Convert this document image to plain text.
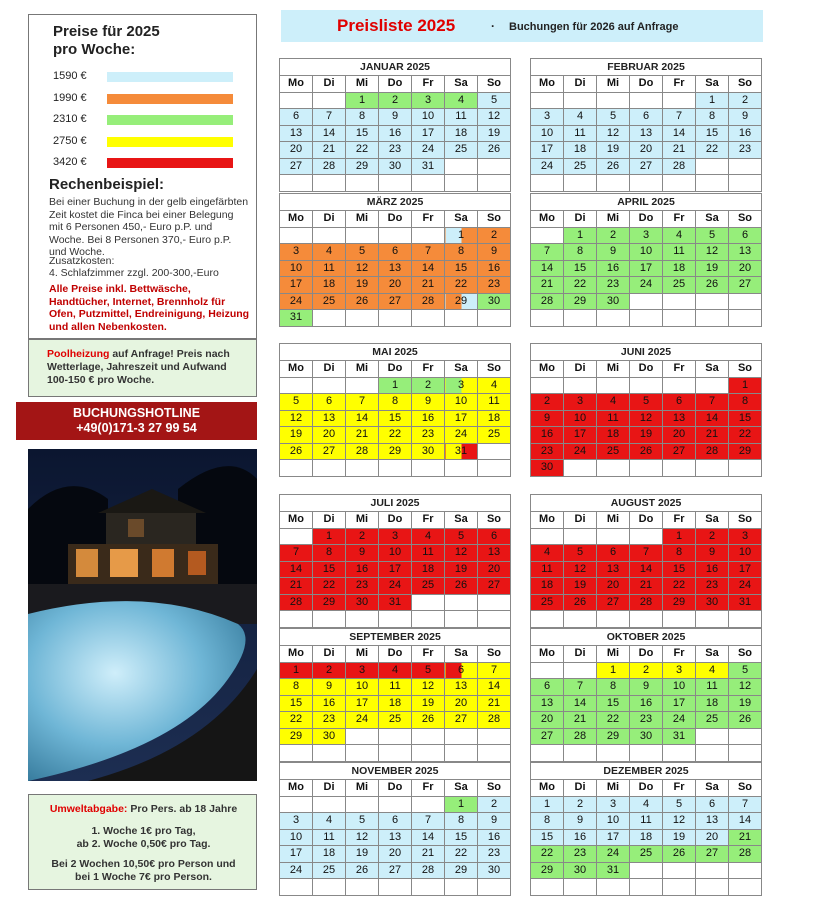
Preise für 2025
pro Woche:
1590 €
1990 €
2310 €
2750 €
3420 €
Rechenbeispiel:
Bei einer Buchung in der gelb eingefärbten Zeit kostet die Finca bei einer Belegung mit 6 Personen 450,- Euro p.P. und Woche. Bei 8 Personen 370,- Euro p.P. und Woche.
Zusatzkosten:
4. Schlafzimmer zzgl. 200-300,-Euro
Alle Preise inkl. Bettwäsche, Handtücher, Internet, Brennholz für Ofen, Putzmittel, Endreinigung, Heizung und allen Nebenkosten.
Poolheizung auf Anfrage! Preis nach Wetterlage, Jahreszeit und Aufwand 100-150 € pro Woche.
BUCHUNGSHOTLINE
+49(0)171-3 27 99 54
Umweltabgabe: Pro Pers. ab 18 Jahre
1. Woche 1€ pro Tag,
ab 2. Woche 0,50€ pro Tag.
Bei 2 Wochen 10,50€ pro Person und
bei 1 Woche 7€ pro Person.
Preisliste 2025	· Buchungen für 2026 auf Anfrage
JANUAR 2025
Mo	Di	Mi	Do	Fr	Sa	So
		1	2	3	4	5
6	7	8	9	10	11	12
13	14	15	16	17	18	19
20	21	22	23	24	25	26
27	28	29	30	31		

FEBRUAR 2025
Mo	Di	Mi	Do	Fr	Sa	So
					1	2
3	4	5	6	7	8	9
10	11	12	13	14	15	16
17	18	19	20	21	22	23
24	25	26	27	28		

MÄRZ 2025
Mo	Di	Mi	Do	Fr	Sa	So
					1	2
3	4	5	6	7	8	9
10	11	12	13	14	15	16
17	18	19	20	21	22	23
24	25	26	27	28	29	30
31						
APRIL 2025
Mo	Di	Mi	Do	Fr	Sa	So
	1	2	3	4	5	6
7	8	9	10	11	12	13
14	15	16	17	18	19	20
21	22	23	24	25	26	27
28	29	30				

MAI 2025
Mo	Di	Mi	Do	Fr	Sa	So
			1	2	3	4
5	6	7	8	9	10	11
12	13	14	15	16	17	18
19	20	21	22	23	24	25
26	27	28	29	30	31	

JUNI 2025
Mo	Di	Mi	Do	Fr	Sa	So
						1
2	3	4	5	6	7	8
9	10	11	12	13	14	15
16	17	18	19	20	21	22
23	24	25	26	27	28	29
30						
JULI 2025
Mo	Di	Mi	Do	Fr	Sa	So
	1	2	3	4	5	6
7	8	9	10	11	12	13
14	15	16	17	18	19	20
21	22	23	24	25	26	27
28	29	30	31			

AUGUST 2025
Mo	Di	Mi	Do	Fr	Sa	So
				1	2	3
4	5	6	7	8	9	10
11	12	13	14	15	16	17
18	19	20	21	22	23	24
25	26	27	28	29	30	31

SEPTEMBER 2025
Mo	Di	Mi	Do	Fr	Sa	So
1	2	3	4	5	6	7
8	9	10	11	12	13	14
15	16	17	18	19	20	21
22	23	24	25	26	27	28
29	30					

OKTOBER 2025
Mo	Di	Mi	Do	Fr	Sa	So
		1	2	3	4	5
6	7	8	9	10	11	12
13	14	15	16	17	18	19
20	21	22	23	24	25	26
27	28	29	30	31		

NOVEMBER 2025
Mo	Di	Mi	Do	Fr	Sa	So
					1	2
3	4	5	6	7	8	9
10	11	12	13	14	15	16
17	18	19	20	21	22	23
24	25	26	27	28	29	30

DEZEMBER 2025
Mo	Di	Mi	Do	Fr	Sa	So
1	2	3	4	5	6	7
8	9	10	11	12	13	14
15	16	17	18	19	20	21
22	23	24	25	26	27	28
29	30	31				
